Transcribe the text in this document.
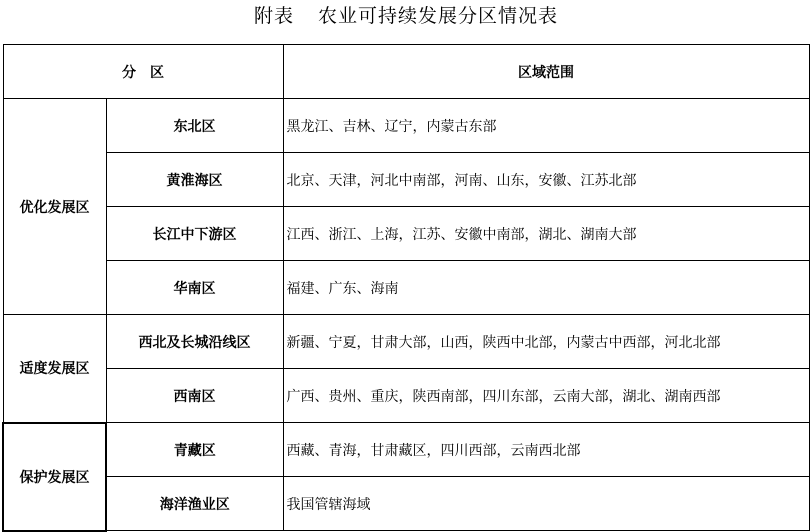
附表 农业可持续发展分区情况表
分　区		区域范围
优化发展区	东北区	黑龙江、吉林、辽宁，内蒙古东部
	黄淮海区	北京、天津，河北中南部，河南、山东，安徽、江苏北部
	长江中下游区	江西、浙江、上海，江苏、安徽中南部，湖北、湖南大部
	华南区	福建、广东、海南
适度发展区	西北及长城沿线区	新疆、宁夏，甘肃大部，山西，陕西中北部，内蒙古中西部，河北北部
	西南区	广西、贵州、重庆，陕西南部，四川东部，云南大部，湖北、湖南西部
保护发展区	青藏区	西藏、青海，甘肃藏区，四川西部，云南西北部
	海洋渔业区	我国管辖海域
